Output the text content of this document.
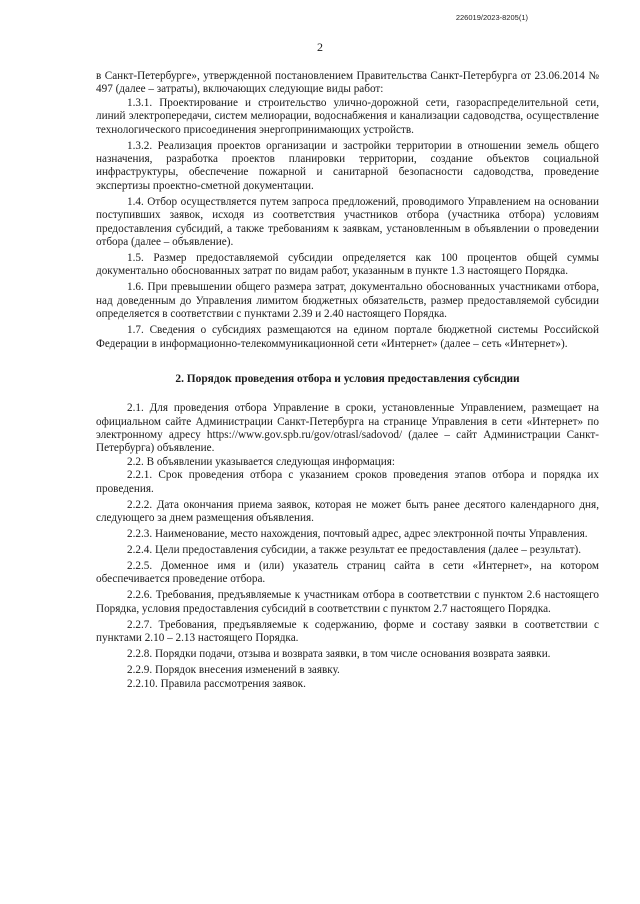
226019/2023-8205(1)
2

в Санкт-Петербурге», утвержденной постановлением Правительства Санкт-Петербурга от 23.06.2014 № 497 (далее – затраты), включающих следующие виды работ:

1.3.1. Проектирование и строительство улично-дорожной сети, газораспределительной сети, линий электропередачи, систем мелиорации, водоснабжения и канализации садоводства, осуществление технологического присоединения энергопринимающих устройств.

1.3.2. Реализация проектов организации и застройки территории в отношении земель общего назначения, разработка проектов планировки территории, создание объектов социальной инфраструктуры, обеспечение пожарной и санитарной безопасности садоводства, проведение экспертизы проектно-сметной документации.

1.4. Отбор осуществляется путем запроса предложений, проводимого Управлением на основании поступивших заявок, исходя из соответствия участников отбора (участника отбора) условиям предоставления субсидий, а также требованиям к заявкам, установленным в объявлении о проведении отбора (далее – объявление).

1.5. Размер предоставляемой субсидии определяется как 100 процентов общей суммы документально обоснованных затрат по видам работ, указанным в пункте 1.3 настоящего Порядка.

1.6. При превышении общего размера затрат, документально обоснованных участниками отбора, над доведенным до Управления лимитом бюджетных обязательств, размер предоставляемой субсидии определяется в соответствии с пунктами 2.39 и 2.40 настоящего Порядка.

1.7. Сведения о субсидиях размещаются на едином портале бюджетной системы Российской Федерации в информационно-телекоммуникационной сети «Интернет» (далее – сеть «Интернет»).

2. Порядок проведения отбора и условия предоставления субсидии

2.1. Для проведения отбора Управление в сроки, установленные Управлением, размещает на официальном сайте Администрации Санкт-Петербурга на странице Управления в сети «Интернет» по электронному адресу https://www.gov.spb.ru/gov/otrasl/sadovod/ (далее – сайт Администрации Санкт-Петербурга) объявление.

2.2. В объявлении указывается следующая информация:

2.2.1. Срок проведения отбора с указанием сроков проведения этапов отбора и порядка их проведения.

2.2.2. Дата окончания приема заявок, которая не может быть ранее десятого календарного дня, следующего за днем размещения объявления.

2.2.3. Наименование, место нахождения, почтовый адрес, адрес электронной почты Управления.

2.2.4. Цели предоставления субсидии, а также результат ее предоставления (далее – результат).

2.2.5. Доменное имя и (или) указатель страниц сайта в сети «Интернет», на котором обеспечивается проведение отбора.

2.2.6. Требования, предъявляемые к участникам отбора в соответствии с пунктом 2.6 настоящего Порядка, условия предоставления субсидий в соответствии с пунктом 2.7 настоящего Порядка.

2.2.7. Требования, предъявляемые к содержанию, форме и составу заявки в соответствии с пунктами 2.10 – 2.13 настоящего Порядка.

2.2.8. Порядки подачи, отзыва и возврата заявки, в том числе основания возврата заявки.

2.2.9. Порядок внесения изменений в заявку.

2.2.10. Правила рассмотрения заявок.
